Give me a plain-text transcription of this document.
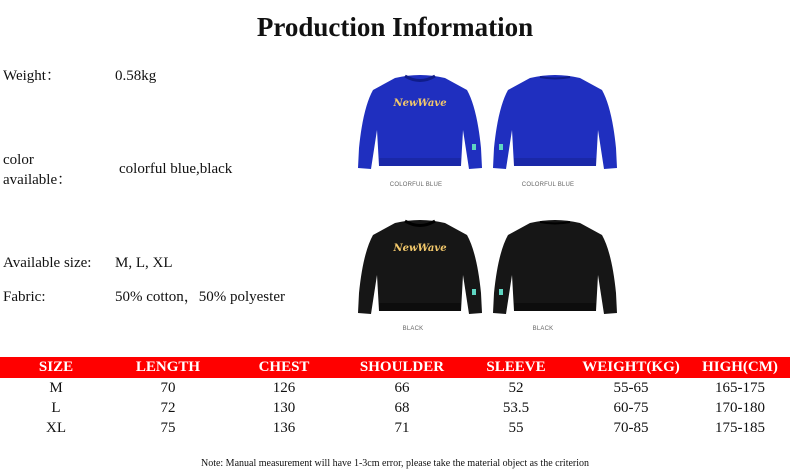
Production Information
Weight：	0.58kg
color
available：
colorful blue,black
Available size: M, L, XL
Fabric:	50% cotton，50% polyester
NewWave
COLORFUL BLUE	COLORFUL BLUE
NewWave
BLACK	BLACK
SIZE	LENGTH	CHEST	SHOULDER	SLEEVE	WEIGHT(KG)	HIGH(CM)
M	70	126	66	52	55-65	165-175
L	72	130	68	53.5	60-75	170-180
XL	75	136	71	55	70-85	175-185
Note: Manual measurement will have 1-3cm error, please take the material object as the criterion
